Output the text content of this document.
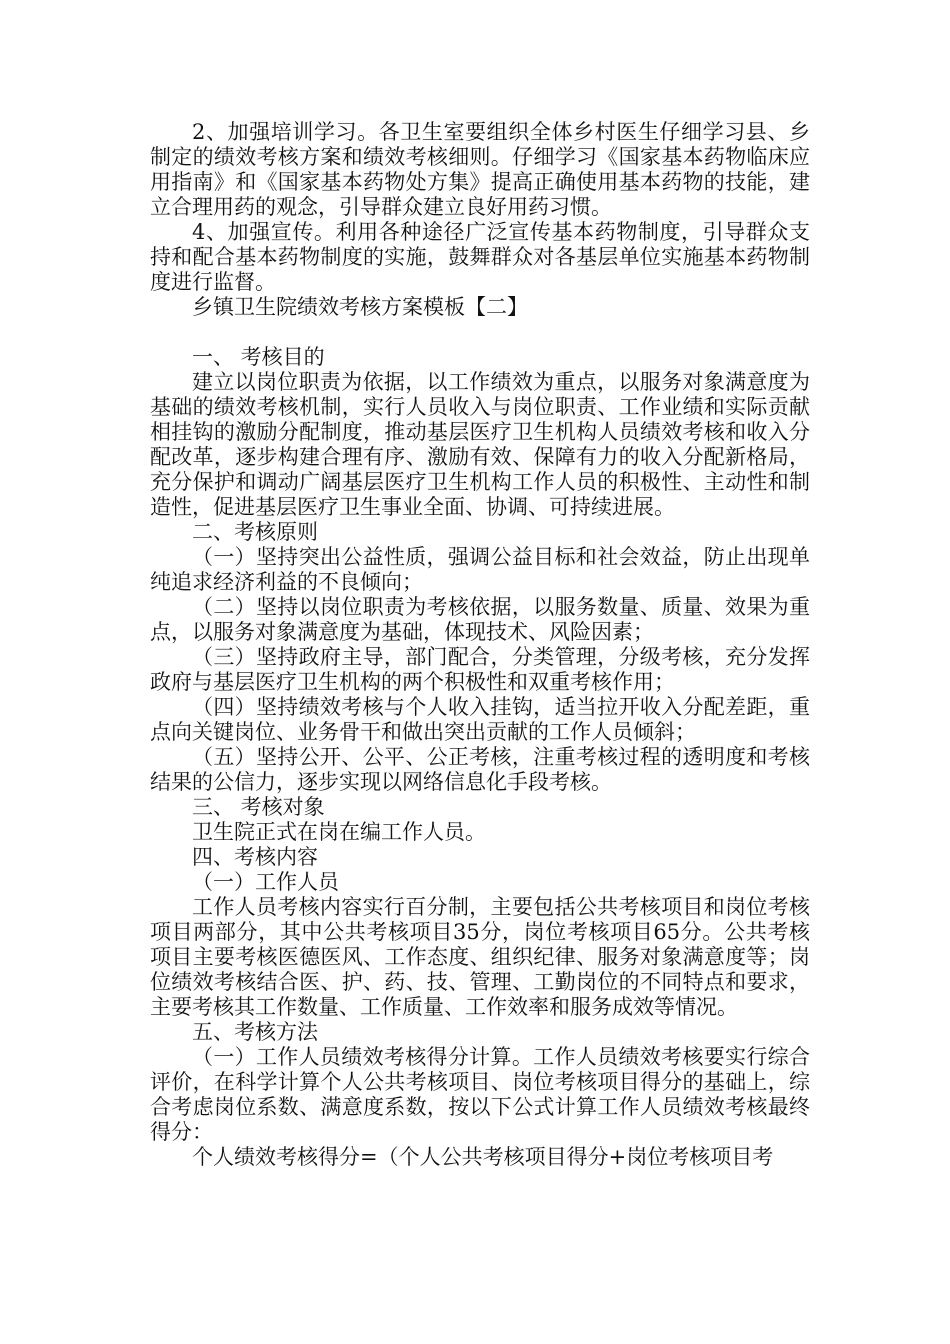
2、加强培训学习。各卫生室要组织全体乡村医生仔细学习县、乡制定的绩效考核方案和绩效考核细则。仔细学习《国家基本药物临床应用指南》和《国家基本药物处方集》提高正确使用基本药物的技能，建立合理用药的观念，引导群众建立良好用药习惯。

4、加强宣传。利用各种途径广泛宣传基本药物制度，引导群众支持和配合基本药物制度的实施，鼓舞群众对各基层单位实施基本药物制度进行监督。

乡镇卫生院绩效考核方案模板【二】

一、 考核目的

建立以岗位职责为依据，以工作绩效为重点，以服务对象满意度为基础的绩效考核机制，实行人员收入与岗位职责、工作业绩和实际贡献相挂钩的激励分配制度，推动基层医疗卫生机构人员绩效考核和收入分配改革，逐步构建合理有序、激励有效、保障有力的收入分配新格局，充分保护和调动广阔基层医疗卫生机构工作人员的积极性、主动性和制造性，促进基层医疗卫生事业全面、协调、可持续进展。

二、考核原则

（一）坚持突出公益性质，强调公益目标和社会效益，防止出现单纯追求经济利益的不良倾向；

（二）坚持以岗位职责为考核依据，以服务数量、质量、效果为重点，以服务对象满意度为基础，体现技术、风险因素；

（三）坚持政府主导，部门配合，分类管理，分级考核，充分发挥政府与基层医疗卫生机构的两个积极性和双重考核作用；

（四）坚持绩效考核与个人收入挂钩，适当拉开收入分配差距，重点向关键岗位、业务骨干和做出突出贡献的工作人员倾斜；

（五）坚持公开、公平、公正考核，注重考核过程的透明度和考核结果的公信力，逐步实现以网络信息化手段考核。

三、 考核对象

卫生院正式在岗在编工作人员。

四、考核内容

（一）工作人员

工作人员考核内容实行百分制，主要包括公共考核项目和岗位考核项目两部分，其中公共考核项目35分，岗位考核项目65分。公共考核项目主要考核医德医风、工作态度、组织纪律、服务对象满意度等；岗位绩效考核结合医、护、药、技、管理、工勤岗位的不同特点和要求，主要考核其工作数量、工作质量、工作效率和服务成效等情况。

五、考核方法

（一）工作人员绩效考核得分计算。工作人员绩效考核要实行综合评价，在科学计算个人公共考核项目、岗位考核项目得分的基础上，综合考虑岗位系数、满意度系数，按以下公式计算工作人员绩效考核最终得分：

个人绩效考核得分=（个人公共考核项目得分+岗位考核项目考
